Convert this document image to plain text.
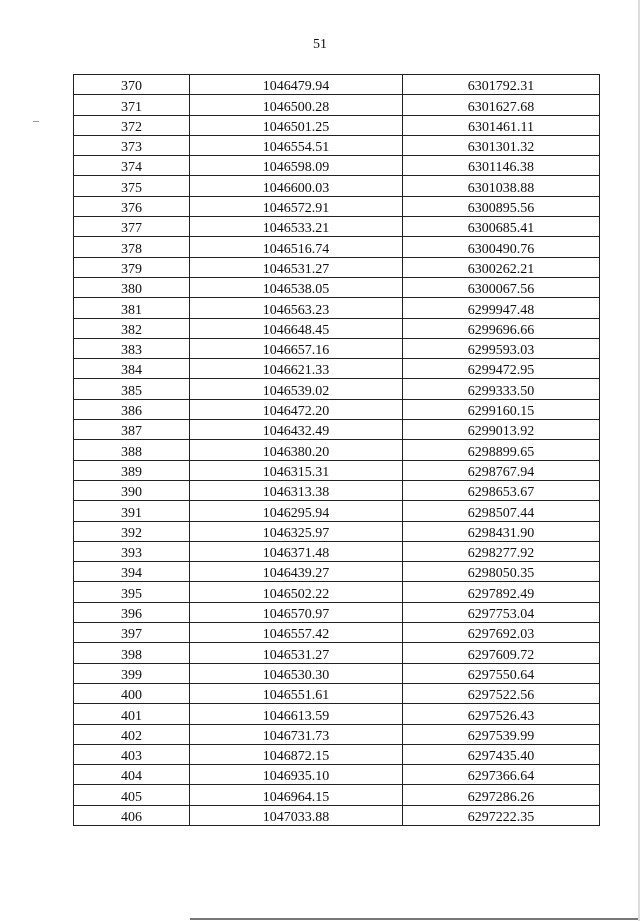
51
370	1046479.94	6301792.31
371	1046500.28	6301627.68
372	1046501.25	6301461.11
373	1046554.51	6301301.32
374	1046598.09	6301146.38
375	1046600.03	6301038.88
376	1046572.91	6300895.56
377	1046533.21	6300685.41
378	1046516.74	6300490.76
379	1046531.27	6300262.21
380	1046538.05	6300067.56
381	1046563.23	6299947.48
382	1046648.45	6299696.66
383	1046657.16	6299593.03
384	1046621.33	6299472.95
385	1046539.02	6299333.50
386	1046472.20	6299160.15
387	1046432.49	6299013.92
388	1046380.20	6298899.65
389	1046315.31	6298767.94
390	1046313.38	6298653.67
391	1046295.94	6298507.44
392	1046325.97	6298431.90
393	1046371.48	6298277.92
394	1046439.27	6298050.35
395	1046502.22	6297892.49
396	1046570.97	6297753.04
397	1046557.42	6297692.03
398	1046531.27	6297609.72
399	1046530.30	6297550.64
400	1046551.61	6297522.56
401	1046613.59	6297526.43
402	1046731.73	6297539.99
403	1046872.15	6297435.40
404	1046935.10	6297366.64
405	1046964.15	6297286.26
406	1047033.88	6297222.35
